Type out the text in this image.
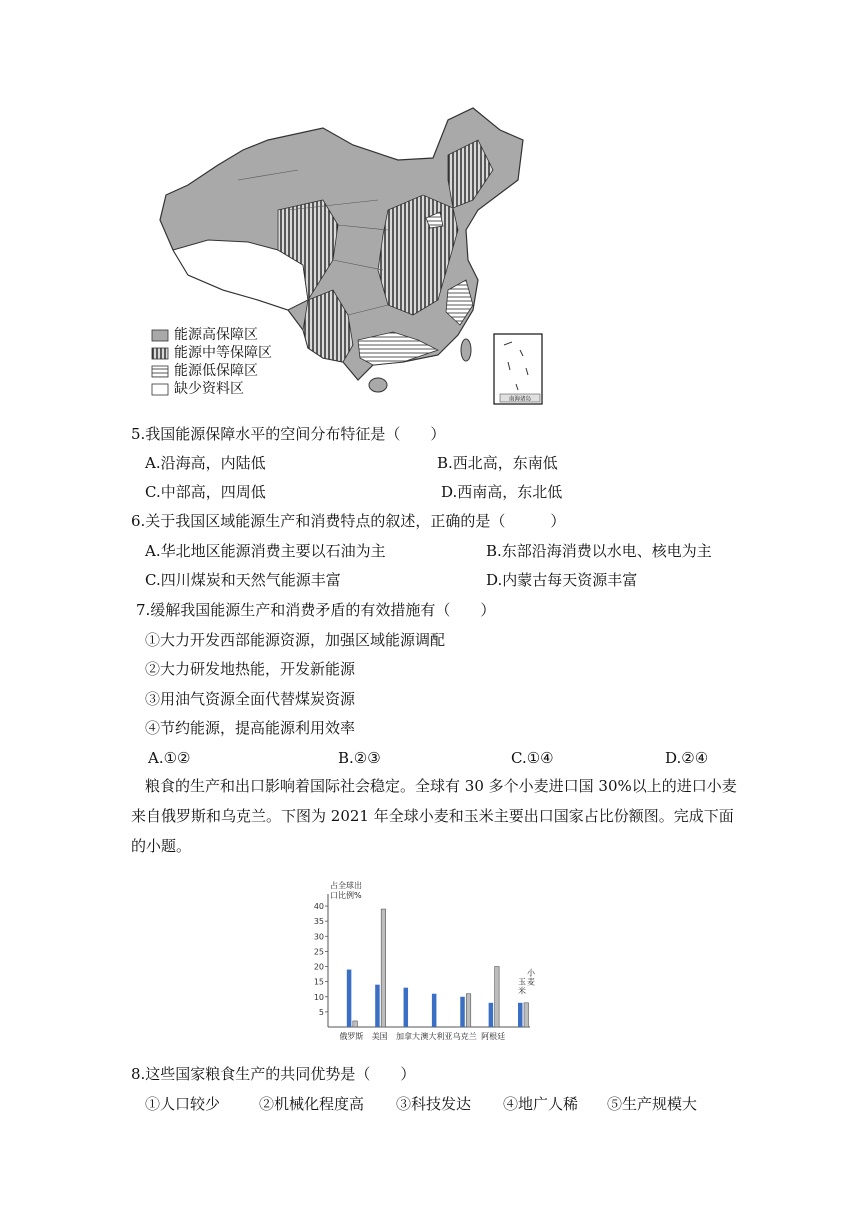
南海诸岛
能源高保障区
能源中等保障区
能源低保障区
缺少资料区
5.我国能源保障水平的空间分布特征是（　　）
A.沿海高，内陆低	B.西北高，东南低
C.中部高，四周低	D.西南高，东北低
6.关于我国区域能源生产和消费特点的叙述，正确的是（　　　）
A.华北地区能源消费主要以石油为主	B.东部沿海消费以水电、核电为主
C.四川煤炭和天然气能源丰富	D.内蒙古每天资源丰富
7.缓解我国能源生产和消费矛盾的有效措施有（　　）
①大力开发西部能源资源，加强区域能源调配
②大力研发地热能，开发新能源
③用油气资源全面代替煤炭资源
④节约能源，提高能源利用效率
A.①②	B.②③	C.①④	D.②④
粮食的生产和出口影响着国际社会稳定。全球有 30 多个小麦进口国 30%以上的进口小麦
来自俄罗斯和乌克兰。下图为 2021 年全球小麦和玉米主要出口国家占比份额图。完成下面
的小题。
占全球出
口比例%
5
10
15
20
25
30
35
40
俄罗斯 美国 加拿大 澳大利亚 乌克兰 阿根廷
玉
米
小
麦
8.这些国家粮食生产的共同优势是（　　）
①人口较少	②机械化程度高 ③科技发达 ④地广人稀 ⑤生产规模大
